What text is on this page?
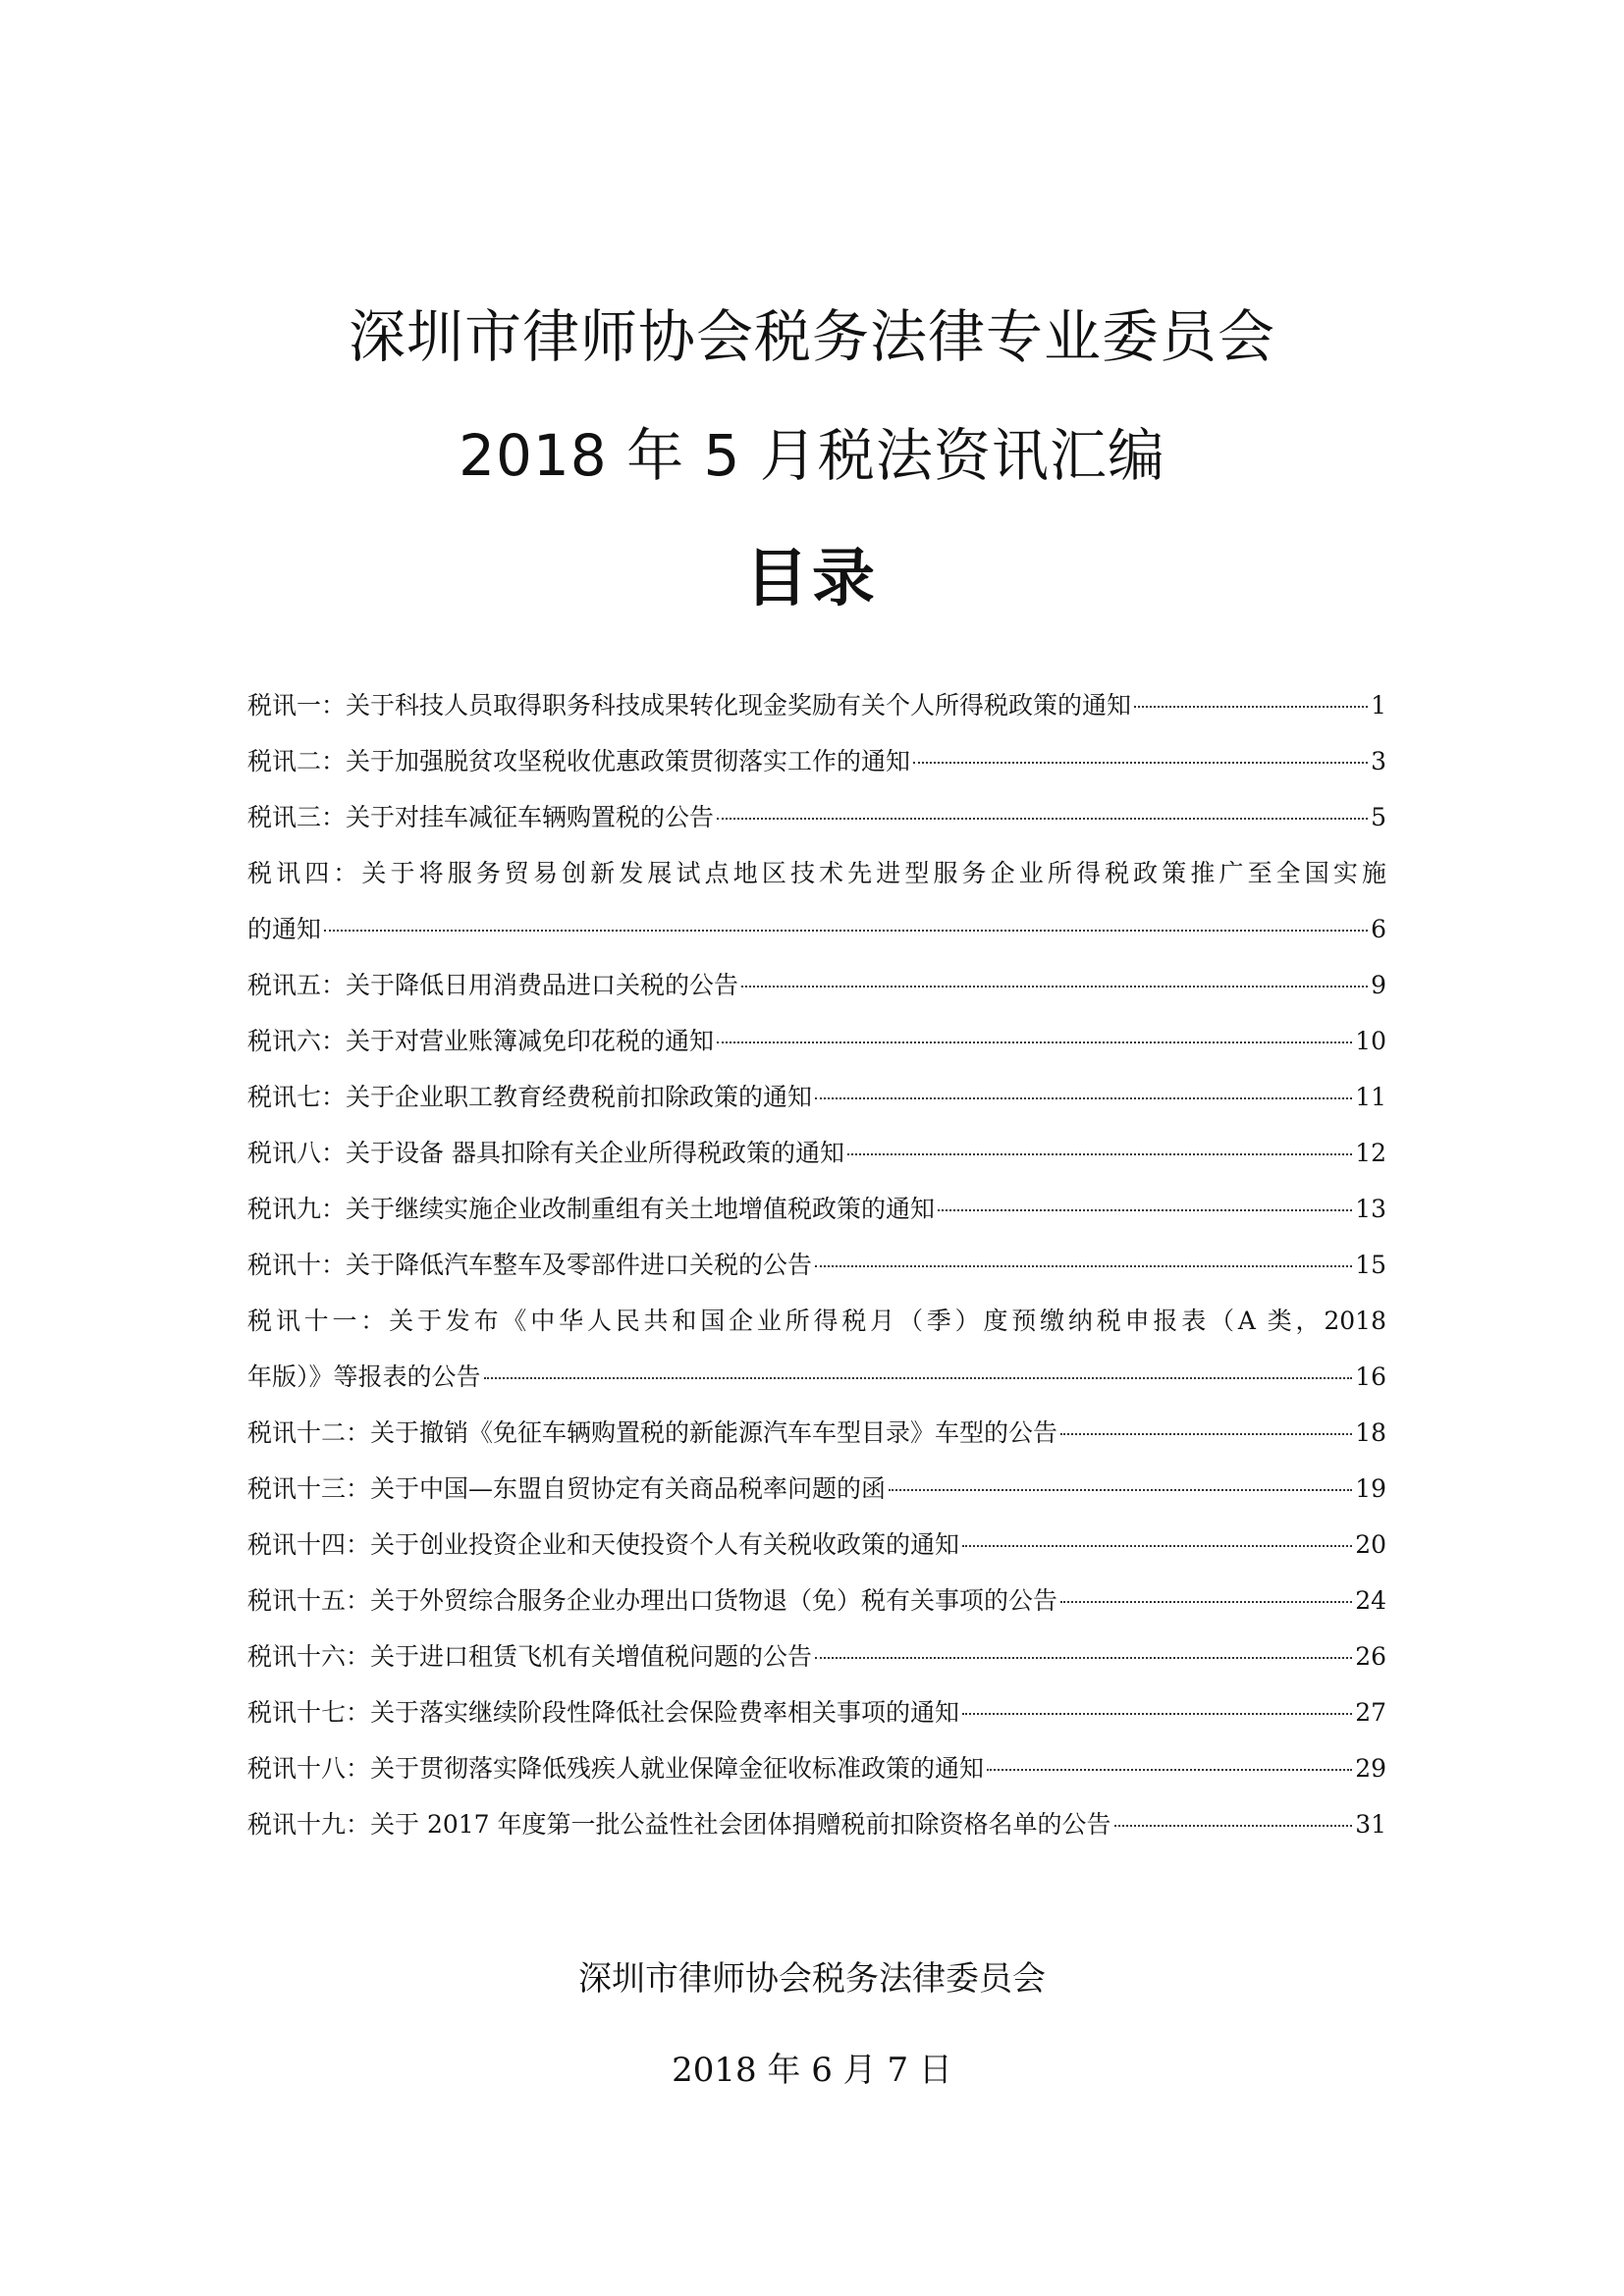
深圳市律师协会税务法律专业委员会
2018 年 5 月税法资讯汇编
目录
税讯一：关于科技人员取得职务科技成果转化现金奖励有关个人所得税政策的通知	1
税讯二：关于加强脱贫攻坚税收优惠政策贯彻落实工作的通知	3
税讯三：关于对挂车减征车辆购置税的公告	5
税讯四：关于将服务贸易创新发展试点地区技术先进型服务企业所得税政策推广至全国实施
的通知	6
税讯五：关于降低日用消费品进口关税的公告	9
税讯六：关于对营业账簿减免印花税的通知	10
税讯七：关于企业职工教育经费税前扣除政策的通知	11
税讯八：关于设备 器具扣除有关企业所得税政策的通知	12
税讯九：关于继续实施企业改制重组有关土地增值税政策的通知	13
税讯十：关于降低汽车整车及零部件进口关税的公告	15
税讯十一：关于发布《中华人民共和国企业所得税月（季）度预缴纳税申报表（A 类，2018
年版）》等报表的公告	16
税讯十二：关于撤销《免征车辆购置税的新能源汽车车型目录》车型的公告	18
税讯十三：关于中国—东盟自贸协定有关商品税率问题的函	19
税讯十四：关于创业投资企业和天使投资个人有关税收政策的通知	20
税讯十五：关于外贸综合服务企业办理出口货物退（免）税有关事项的公告	24
税讯十六：关于进口租赁飞机有关增值税问题的公告	26
税讯十七：关于落实继续阶段性降低社会保险费率相关事项的通知	27
税讯十八：关于贯彻落实降低残疾人就业保障金征收标准政策的通知	29
税讯十九：关于 2017 年度第一批公益性社会团体捐赠税前扣除资格名单的公告	31
深圳市律师协会税务法律委员会
2018 年 6 月 7 日
